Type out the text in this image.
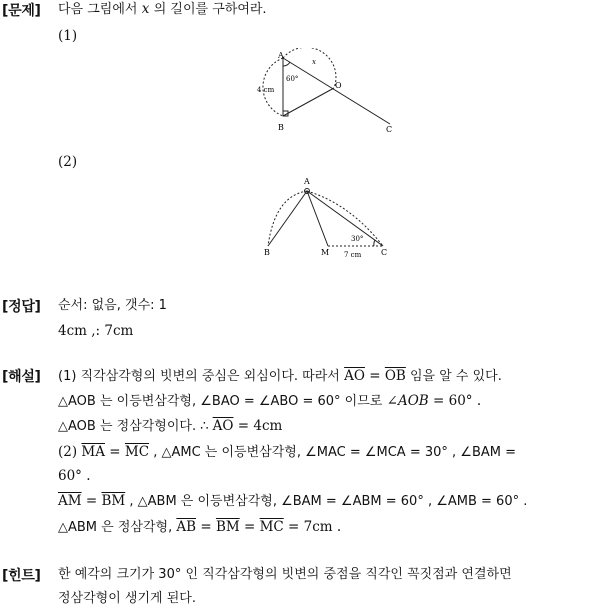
[문제] 다음 그림에서 x 의 길이를 구하여라.
(1)
A
B	C
O
60°
4 cm
x
(2)
A
B	M	C
30°
7 cm
[정답] 순서: 없음, 갯수: 1
4cm ,: 7cm
[해설] (1) 직각삼각형의 빗변의 중심은 외심이다. 따라서 $\overline{AO} = \overline{OB}$ 임을 알 수 있다.
△AOB 는 이등변삼각형, ∠BAO = ∠ABO = 60° 이므로 ∠AOB = 60° .
△AOB 는 정삼각형이다. ∴ $\overline{AO} = 4cm$
(2) $\overline{MA} = \overline{MC}$ , △AMC 는 이등변삼각형, ∠MAC = ∠MCA = 30° , ∠BAM =
60° .
$\overline{AM} = \overline{BM}$ , △ABM 은 이등변삼각형, ∠BAM = ∠ABM = 60° , ∠AMB = 60° .
△ABM 은 정삼각형, $\overline{AB} = \overline{BM} = \overline{MC} = 7cm$ .
[힌트] 한 예각의 크기가 30° 인 직각삼각형의 빗변의 중점을 직각인 꼭짓점과 연결하면
정삼각형이 생기게 된다.
